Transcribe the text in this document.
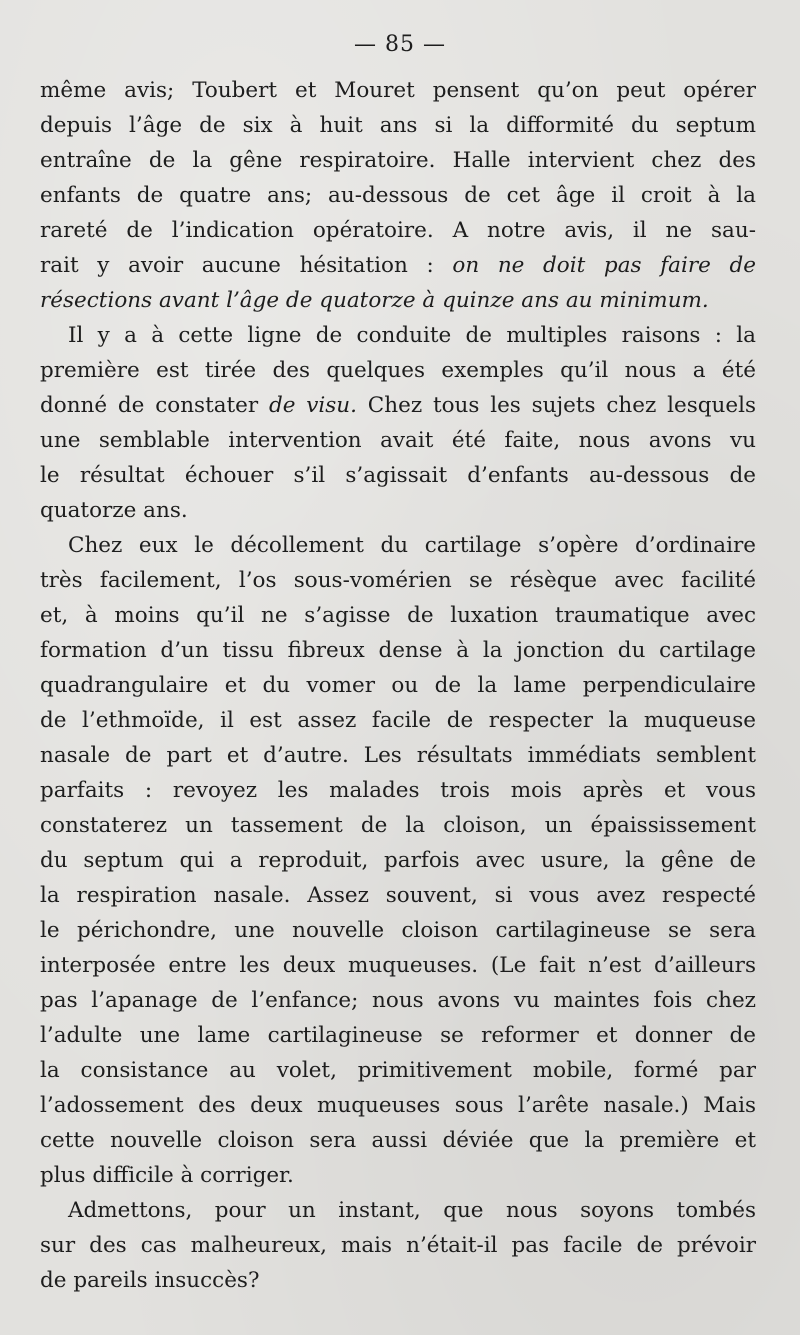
— 85 —
même avis; Toubert et Mouret pensent qu’on peut opérer
depuis l’âge de six à huit ans si la difformité du septum
entraîne de la gêne respiratoire. Halle intervient chez des
enfants de quatre ans; au-dessous de cet âge il croit à la
rareté de l’indication opératoire. A notre avis, il ne sau-
rait y avoir aucune hésitation : on ne doit pas faire de
résections avant l’âge de quatorze à quinze ans au minimum.
Il y a à cette ligne de conduite de multiples raisons : la
première est tirée des quelques exemples qu’il nous a été
donné de constater de visu. Chez tous les sujets chez lesquels
une semblable intervention avait été faite, nous avons vu
le résultat échouer s’il s’agissait d’enfants au-dessous de
quatorze ans.
Chez eux le décollement du cartilage s’opère d’ordinaire
très facilement, l’os sous-vomérien se résèque avec facilité
et, à moins qu’il ne s’agisse de luxation traumatique avec
formation d’un tissu fibreux dense à la jonction du cartilage
quadrangulaire et du vomer ou de la lame perpendiculaire
de l’ethmoïde, il est assez facile de respecter la muqueuse
nasale de part et d’autre. Les résultats immédiats semblent
parfaits : revoyez les malades trois mois après et vous
constaterez un tassement de la cloison, un épaississement
du septum qui a reproduit, parfois avec usure, la gêne de
la respiration nasale. Assez souvent, si vous avez respecté
le périchondre, une nouvelle cloison cartilagineuse se sera
interposée entre les deux muqueuses. (Le fait n’est d’ailleurs
pas l’apanage de l’enfance; nous avons vu maintes fois chez
l’adulte une lame cartilagineuse se reformer et donner de
la consistance au volet, primitivement mobile, formé par
l’adossement des deux muqueuses sous l’arête nasale.) Mais
cette nouvelle cloison sera aussi déviée que la première et
plus difficile à corriger.
Admettons, pour un instant, que nous soyons tombés
sur des cas malheureux, mais n’était-il pas facile de prévoir
de pareils insuccès?
